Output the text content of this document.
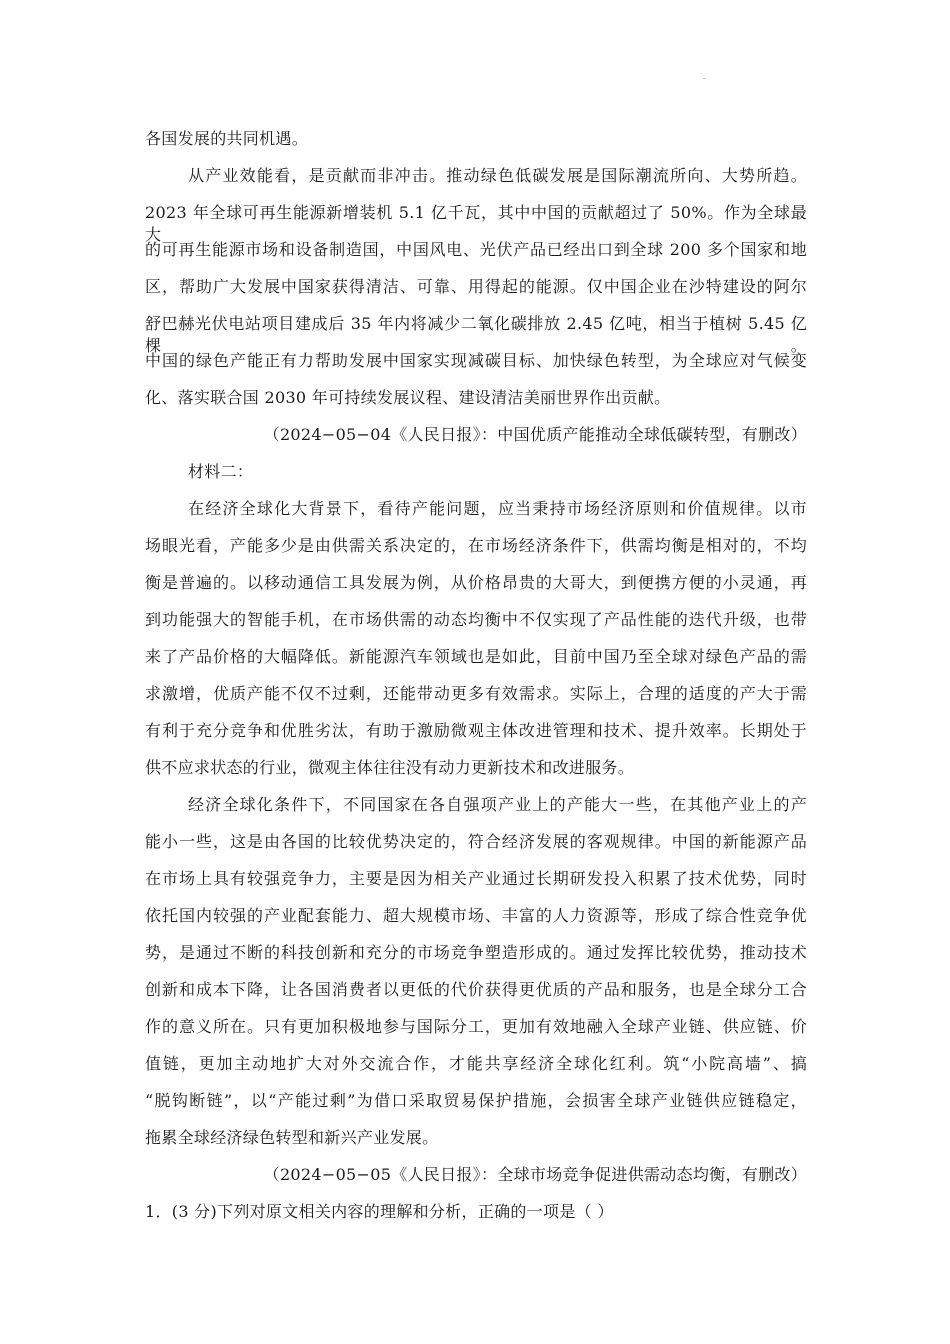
各国发展的共同机遇。
从产业效能看，是贡献而非冲击。推动绿色低碳发展是国际潮流所向、大势所趋。
2023 年全球可再生能源新增装机 5.1 亿千瓦，其中中国的贡献超过了 50%。作为全球最大
的可再生能源市场和设备制造国，中国风电、光伏产品已经出口到全球 200 多个国家和地
区，帮助广大发展中国家获得清洁、可靠、用得起的能源。仅中国企业在沙特建设的阿尔
舒巴赫光伏电站项目建成后 35 年内将减少二氧化碳排放 2.45 亿吨，相当于植树 5.45 亿棵。
中国的绿色产能正有力帮助发展中国家实现减碳目标、加快绿色转型，为全球应对气候变
化、落实联合国 2030 年可持续发展议程、建设清洁美丽世界作出贡献。
（2024−05−04《人民日报》：中国优质产能推动全球低碳转型，有删改）
材料二：
在经济全球化大背景下，看待产能问题，应当秉持市场经济原则和价值规律。以市
场眼光看，产能多少是由供需关系决定的，在市场经济条件下，供需均衡是相对的，不均
衡是普遍的。以移动通信工具发展为例，从价格昂贵的大哥大，到便携方便的小灵通，再
到功能强大的智能手机，在市场供需的动态均衡中不仅实现了产品性能的迭代升级，也带
来了产品价格的大幅降低。新能源汽车领域也是如此，目前中国乃至全球对绿色产品的需
求激增，优质产能不仅不过剩，还能带动更多有效需求。实际上，合理的适度的产大于需
有利于充分竞争和优胜劣汰，有助于激励微观主体改进管理和技术、提升效率。长期处于
供不应求状态的行业，微观主体往往没有动力更新技术和改进服务。
经济全球化条件下，不同国家在各自强项产业上的产能大一些，在其他产业上的产
能小一些，这是由各国的比较优势决定的，符合经济发展的客观规律。中国的新能源产品
在市场上具有较强竞争力，主要是因为相关产业通过长期研发投入积累了技术优势，同时
依托国内较强的产业配套能力、超大规模市场、丰富的人力资源等，形成了综合性竞争优
势，是通过不断的科技创新和充分的市场竞争塑造形成的。通过发挥比较优势，推动技术
创新和成本下降，让各国消费者以更低的代价获得更优质的产品和服务，也是全球分工合
作的意义所在。只有更加积极地参与国际分工，更加有效地融入全球产业链、供应链、价
值链，更加主动地扩大对外交流合作，才能共享经济全球化红利。筑“小院高墙”、搞
“脱钩断链”，以“产能过剩”为借口采取贸易保护措施，会损害全球产业链供应链稳定，
拖累全球经济绿色转型和新兴产业发展。
（2024−05−05《人民日报》：全球市场竞争促进供需动态均衡，有删改）
1．(3 分)下列对原文相关内容的理解和分析，正确的一项是（ ）
